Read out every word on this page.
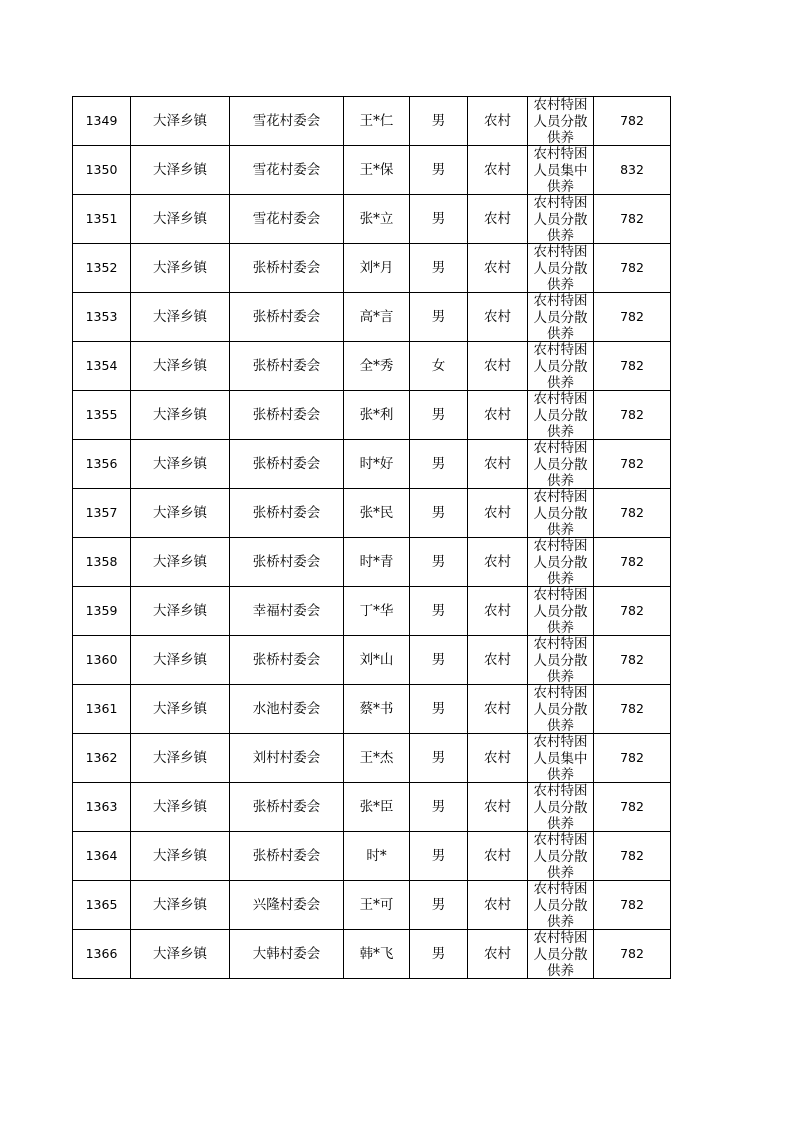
1349	大泽乡镇	雪花村委会	王*仁	男	农村	农村特困人员分散供养	782
1350	大泽乡镇	雪花村委会	王*保	男	农村	农村特困人员集中供养	832
1351	大泽乡镇	雪花村委会	张*立	男	农村	农村特困人员分散供养	782
1352	大泽乡镇	张桥村委会	刘*月	男	农村	农村特困人员分散供养	782
1353	大泽乡镇	张桥村委会	高*言	男	农村	农村特困人员分散供养	782
1354	大泽乡镇	张桥村委会	全*秀	女	农村	农村特困人员分散供养	782
1355	大泽乡镇	张桥村委会	张*利	男	农村	农村特困人员分散供养	782
1356	大泽乡镇	张桥村委会	时*好	男	农村	农村特困人员分散供养	782
1357	大泽乡镇	张桥村委会	张*民	男	农村	农村特困人员分散供养	782
1358	大泽乡镇	张桥村委会	时*青	男	农村	农村特困人员分散供养	782
1359	大泽乡镇	幸福村委会	丁*华	男	农村	农村特困人员分散供养	782
1360	大泽乡镇	张桥村委会	刘*山	男	农村	农村特困人员分散供养	782
1361	大泽乡镇	水池村委会	蔡*书	男	农村	农村特困人员分散供养	782
1362	大泽乡镇	刘村村委会	王*杰	男	农村	农村特困人员集中供养	782
1363	大泽乡镇	张桥村委会	张*臣	男	农村	农村特困人员分散供养	782
1364	大泽乡镇	张桥村委会	时*	男	农村	农村特困人员分散供养	782
1365	大泽乡镇	兴隆村委会	王*可	男	农村	农村特困人员分散供养	782
1366	大泽乡镇	大韩村委会	韩*飞	男	农村	农村特困人员分散供养	782
